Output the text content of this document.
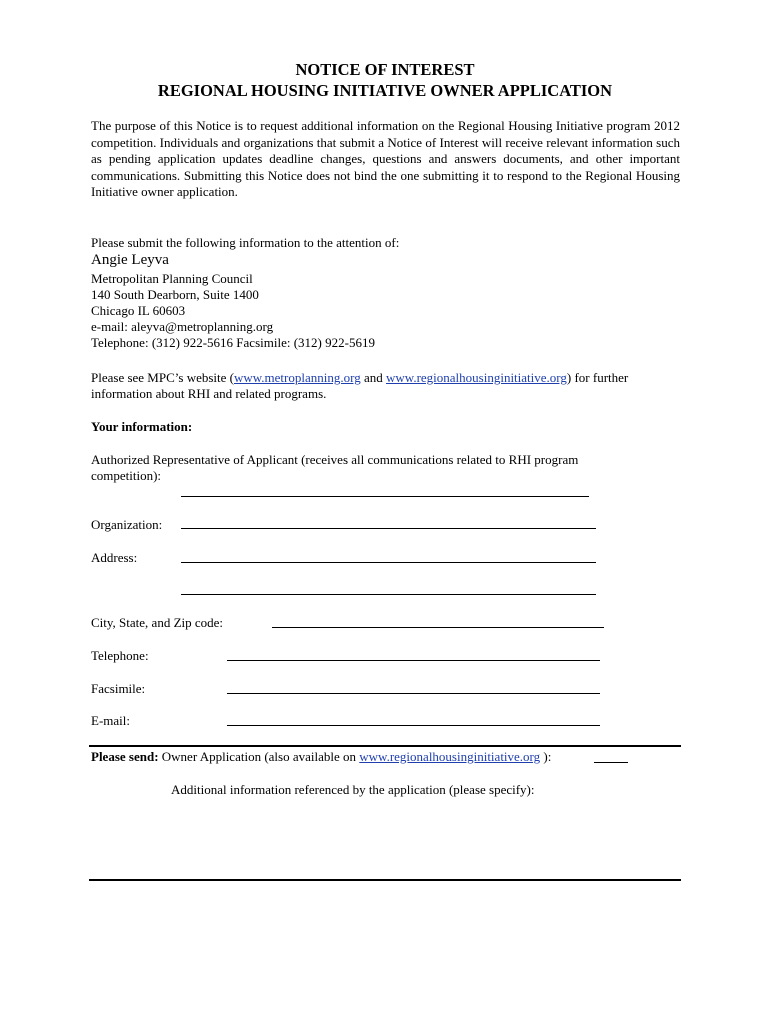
NOTICE OF INTEREST
REGIONAL HOUSING INITIATIVE OWNER APPLICATION
The purpose of this Notice is to request additional information on the Regional Housing Initiative program 2012 competition. Individuals and organizations that submit a Notice of Interest will receive relevant information such as pending application updates deadline changes, questions and answers documents, and other important communications. Submitting this Notice does not bind the one submitting it to respond to the Regional Housing Initiative owner application.
Please submit the following information to the attention of:
Angie Leyva
Metropolitan Planning Council
140 South Dearborn, Suite 1400
Chicago IL 60603
e-mail: aleyva@metroplanning.org
Telephone: (312) 922-5616 Facsimile: (312) 922-5619
Please see MPC’s website (www.metroplanning.org and www.regionalhousinginitiative.org) for further
information about RHI and related programs.
Your information:
Authorized Representative of Applicant (receives all communications related to RHI program
competition):
Organization:
Address:
City, State, and Zip code:
Telephone:
Facsimile:
E-mail:
Please send: Owner Application (also available on www.regionalhousinginitiative.org ):
Additional information referenced by the application (please specify):
